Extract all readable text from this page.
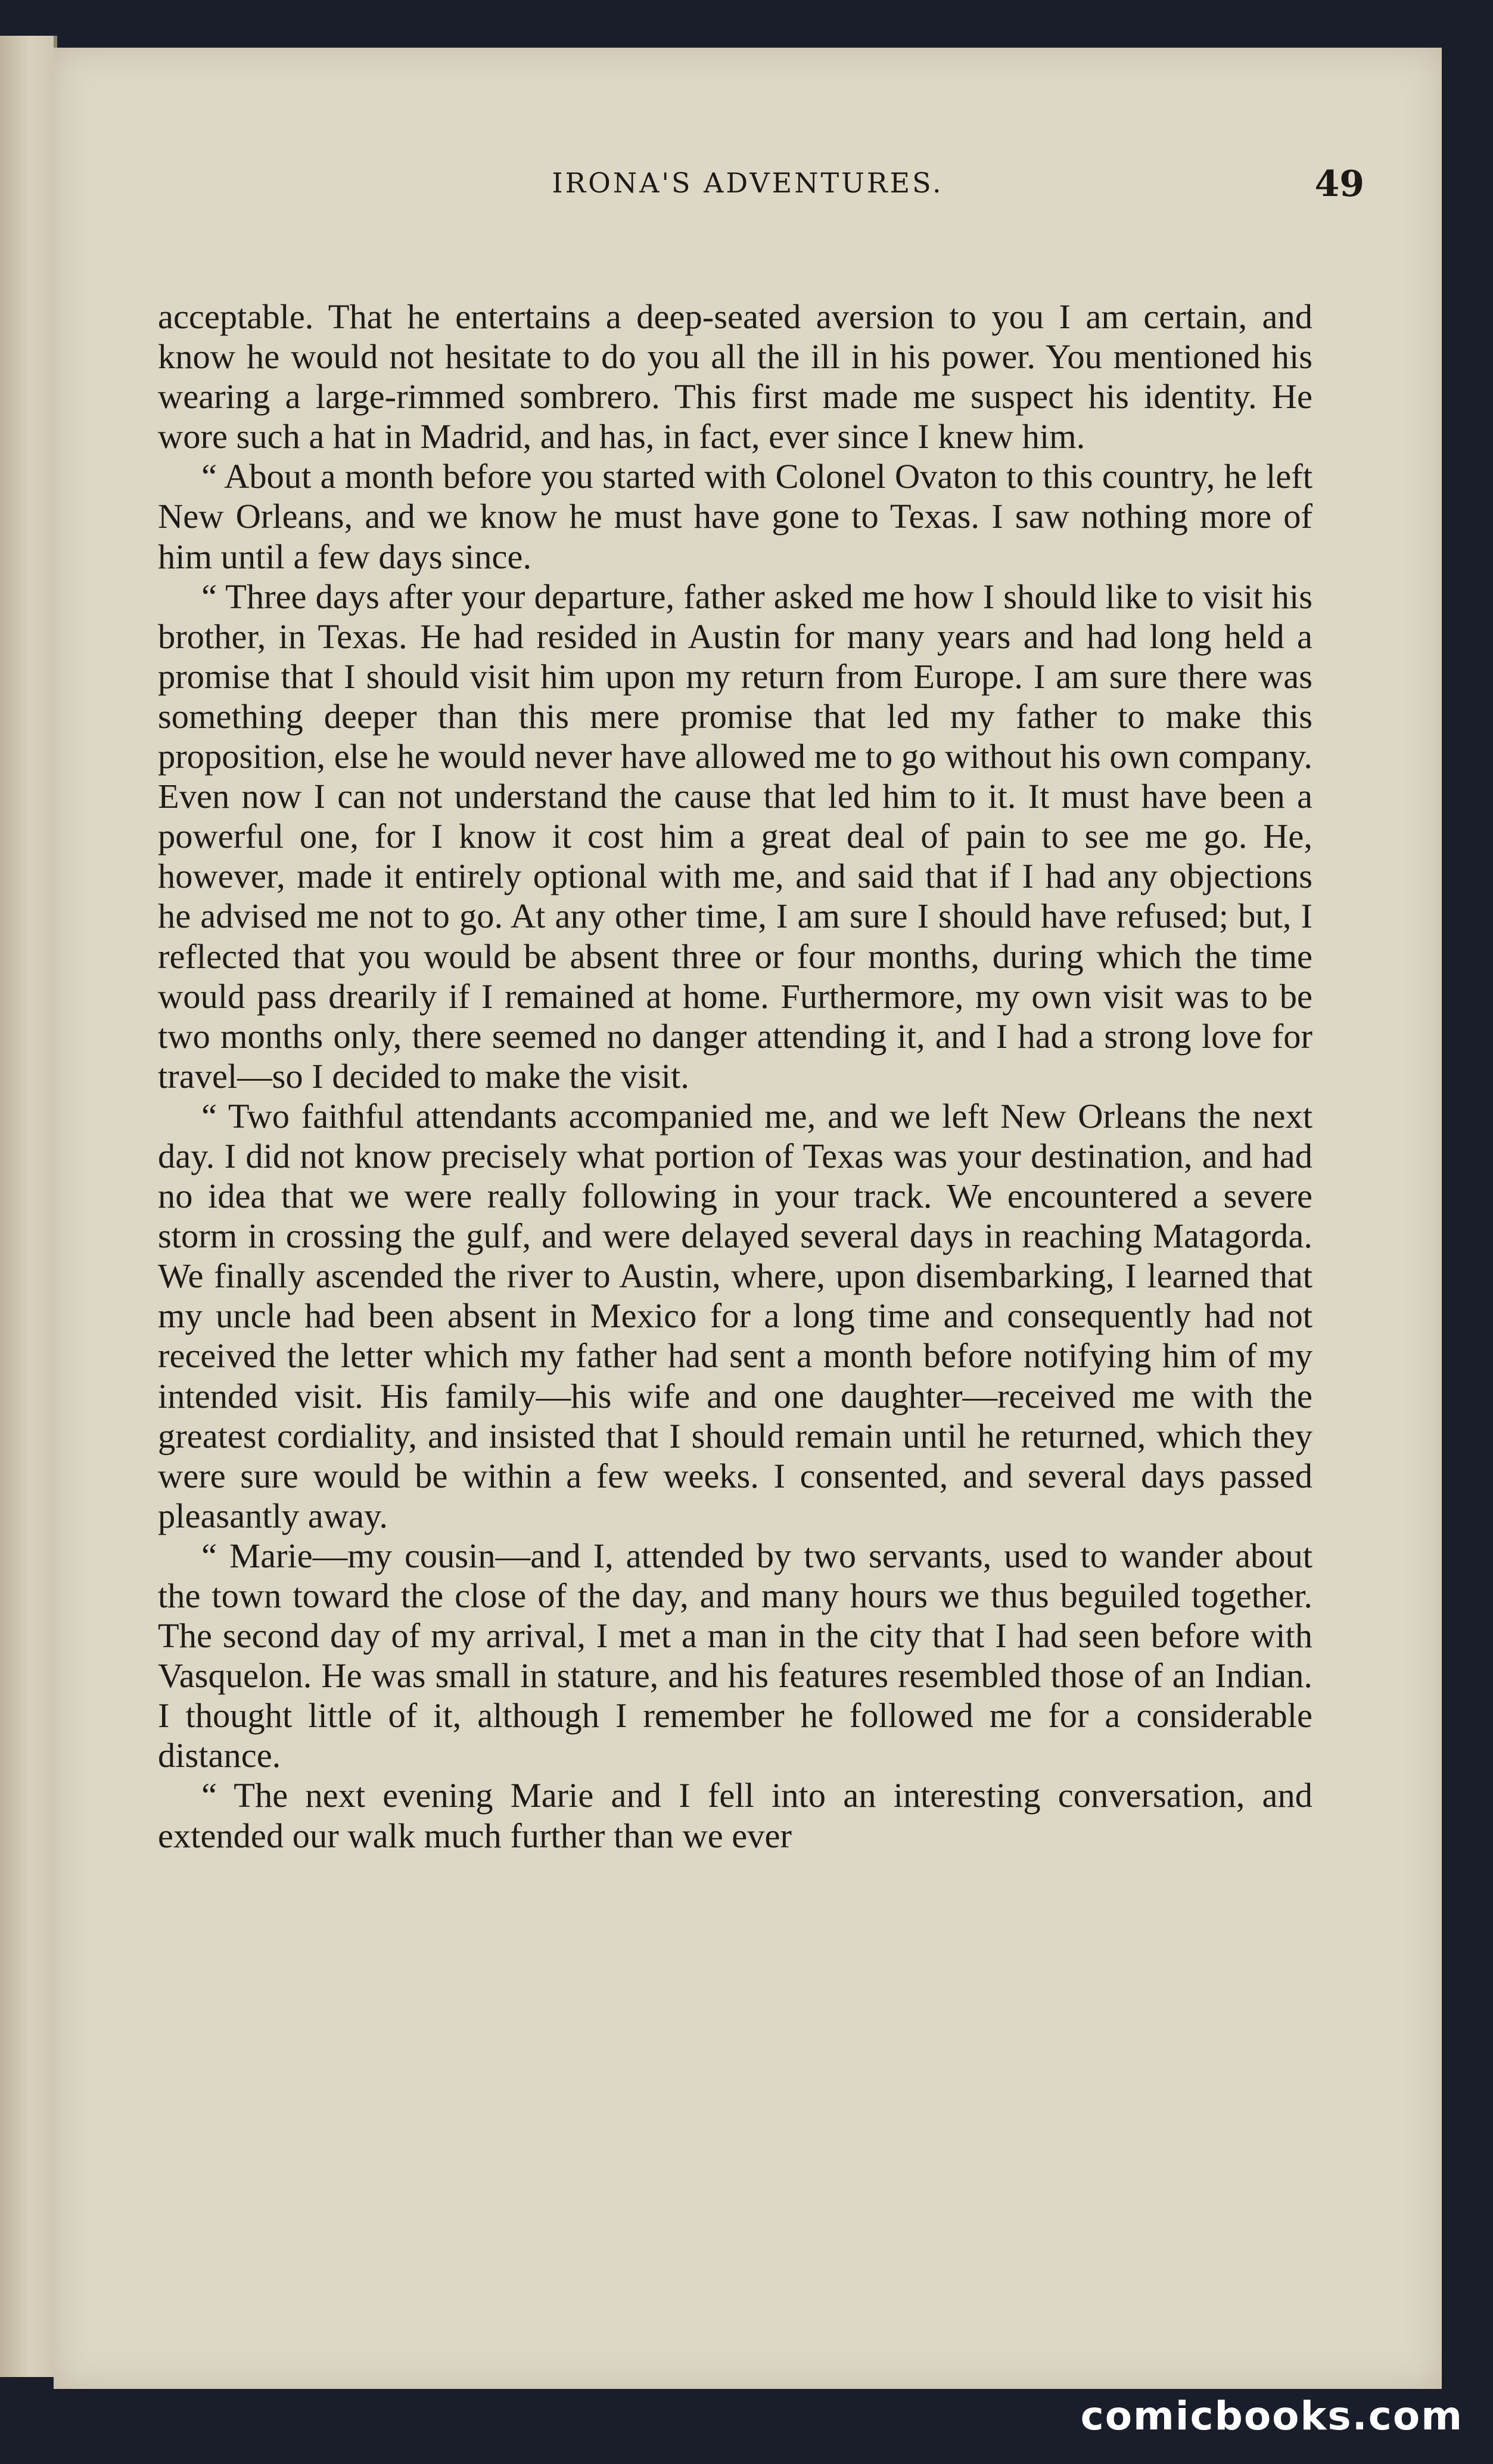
IRONA'S ADVENTURES.	49

acceptable. That he entertains a deep-seated aversion to you I am certain, and know he would not hesitate to do you all the ill in his power. You mentioned his wearing a large-rimmed sombrero. This first made me suspect his identity. He wore such a hat in Madrid, and has, in fact, ever since I knew him.

“ About a month before you started with Colonel Ovaton to this country, he left New Orleans, and we know he must have gone to Texas. I saw nothing more of him until a few days since.

“ Three days after your departure, father asked me how I should like to visit his brother, in Texas. He had resided in Austin for many years and had long held a promise that I should visit him upon my return from Europe. I am sure there was something deeper than this mere promise that led my father to make this proposition, else he would never have allowed me to go without his own company. Even now I can not understand the cause that led him to it. It must have been a powerful one, for I know it cost him a great deal of pain to see me go. He, however, made it entirely optional with me, and said that if I had any objections he advised me not to go. At any other time, I am sure I should have refused; but, I reflected that you would be absent three or four months, during which the time would pass drearily if I remained at home. Furthermore, my own visit was to be two months only, there seemed no danger attending it, and I had a strong love for travel—so I decided to make the visit.

“ Two faithful attendants accompanied me, and we left New Orleans the next day. I did not know precisely what portion of Texas was your destination, and had no idea that we were really following in your track. We encountered a severe storm in crossing the gulf, and were delayed several days in reaching Matagorda. We finally ascended the river to Austin, where, upon disembarking, I learned that my uncle had been absent in Mexico for a long time and consequently had not received the letter which my father had sent a month before notifying him of my intended visit. His family—his wife and one daughter—received me with the greatest cordiality, and insisted that I should remain until he returned, which they were sure would be within a few weeks. I consented, and several days passed pleasantly away.

“ Marie—my cousin—and I, attended by two servants, used to wander about the town toward the close of the day, and many hours we thus beguiled together. The second day of my arrival, I met a man in the city that I had seen before with Vasquelon. He was small in stature, and his features resembled those of an Indian. I thought little of it, although I remember he followed me for a considerable distance.

“ The next evening Marie and I fell into an interesting conversation, and extended our walk much further than we ever

comicbooks.com
